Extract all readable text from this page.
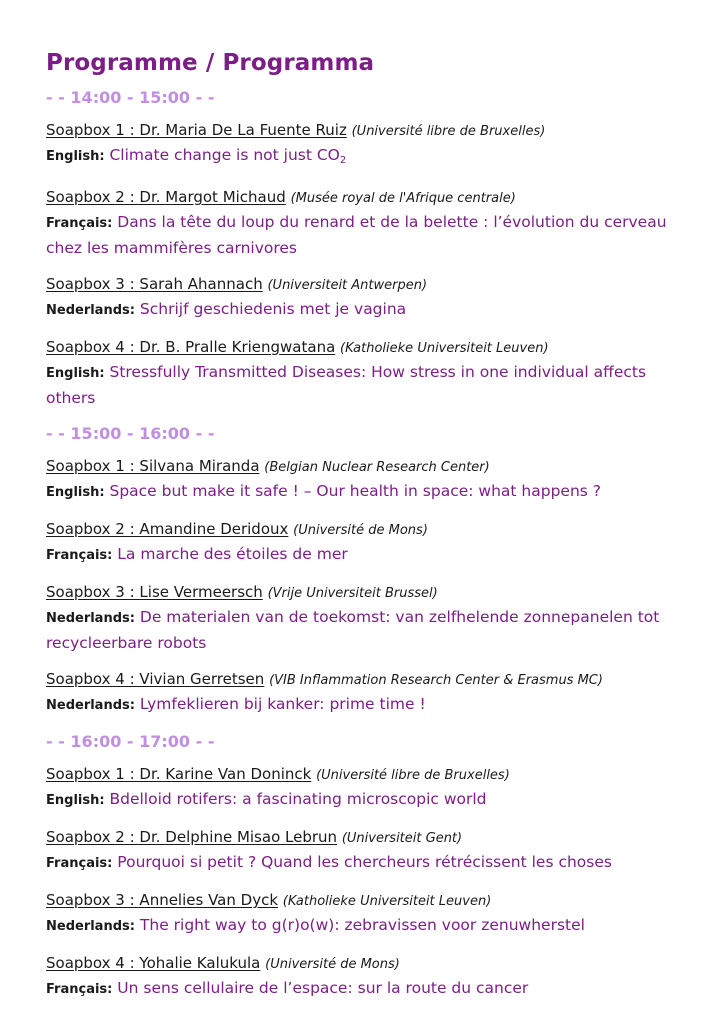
Programme / Programma
- - 14:00 - 15:00 - -
Soapbox 1 : Dr. Maria De La Fuente Ruiz (Université libre de Bruxelles)
English: Climate change is not just $CO_2$
Soapbox 2 : Dr. Margot Michaud (Musée royal de l'Afrique centrale)
Français: Dans la tête du loup du renard et de la belette : l’évolution du cerveau
chez les mammifères carnivores
Soapbox 3 : Sarah Ahannach (Universiteit Antwerpen)
Nederlands: Schrijf geschiedenis met je vagina
Soapbox 4 : Dr. B. Pralle Kriengwatana (Katholieke Universiteit Leuven)
English: Stressfully Transmitted Diseases: How stress in one individual affects
others
- - 15:00 - 16:00 - -
Soapbox 1 : Silvana Miranda (Belgian Nuclear Research Center)
English: Space but make it safe ! – Our health in space: what happens ?
Soapbox 2 : Amandine Deridoux (Université de Mons)
Français: La marche des étoiles de mer
Soapbox 3 : Lise Vermeersch (Vrije Universiteit Brussel)
Nederlands: De materialen van de toekomst: van zelfhelende zonnepanelen tot
recycleerbare robots
Soapbox 4 : Vivian Gerretsen (VIB Inflammation Research Center & Erasmus MC)
Nederlands: Lymfeklieren bij kanker: prime time !
- - 16:00 - 17:00 - -
Soapbox 1 : Dr. Karine Van Doninck (Université libre de Bruxelles)
English: Bdelloid rotifers: a fascinating microscopic world
Soapbox 2 : Dr. Delphine Misao Lebrun (Universiteit Gent)
Français: Pourquoi si petit ? Quand les chercheurs rétrécissent les choses
Soapbox 3 : Annelies Van Dyck (Katholieke Universiteit Leuven)
Nederlands: The right way to g(r)o(w): zebravissen voor zenuwherstel
Soapbox 4 : Yohalie Kalukula (Université de Mons)
Français: Un sens cellulaire de l’espace: sur la route du cancer
